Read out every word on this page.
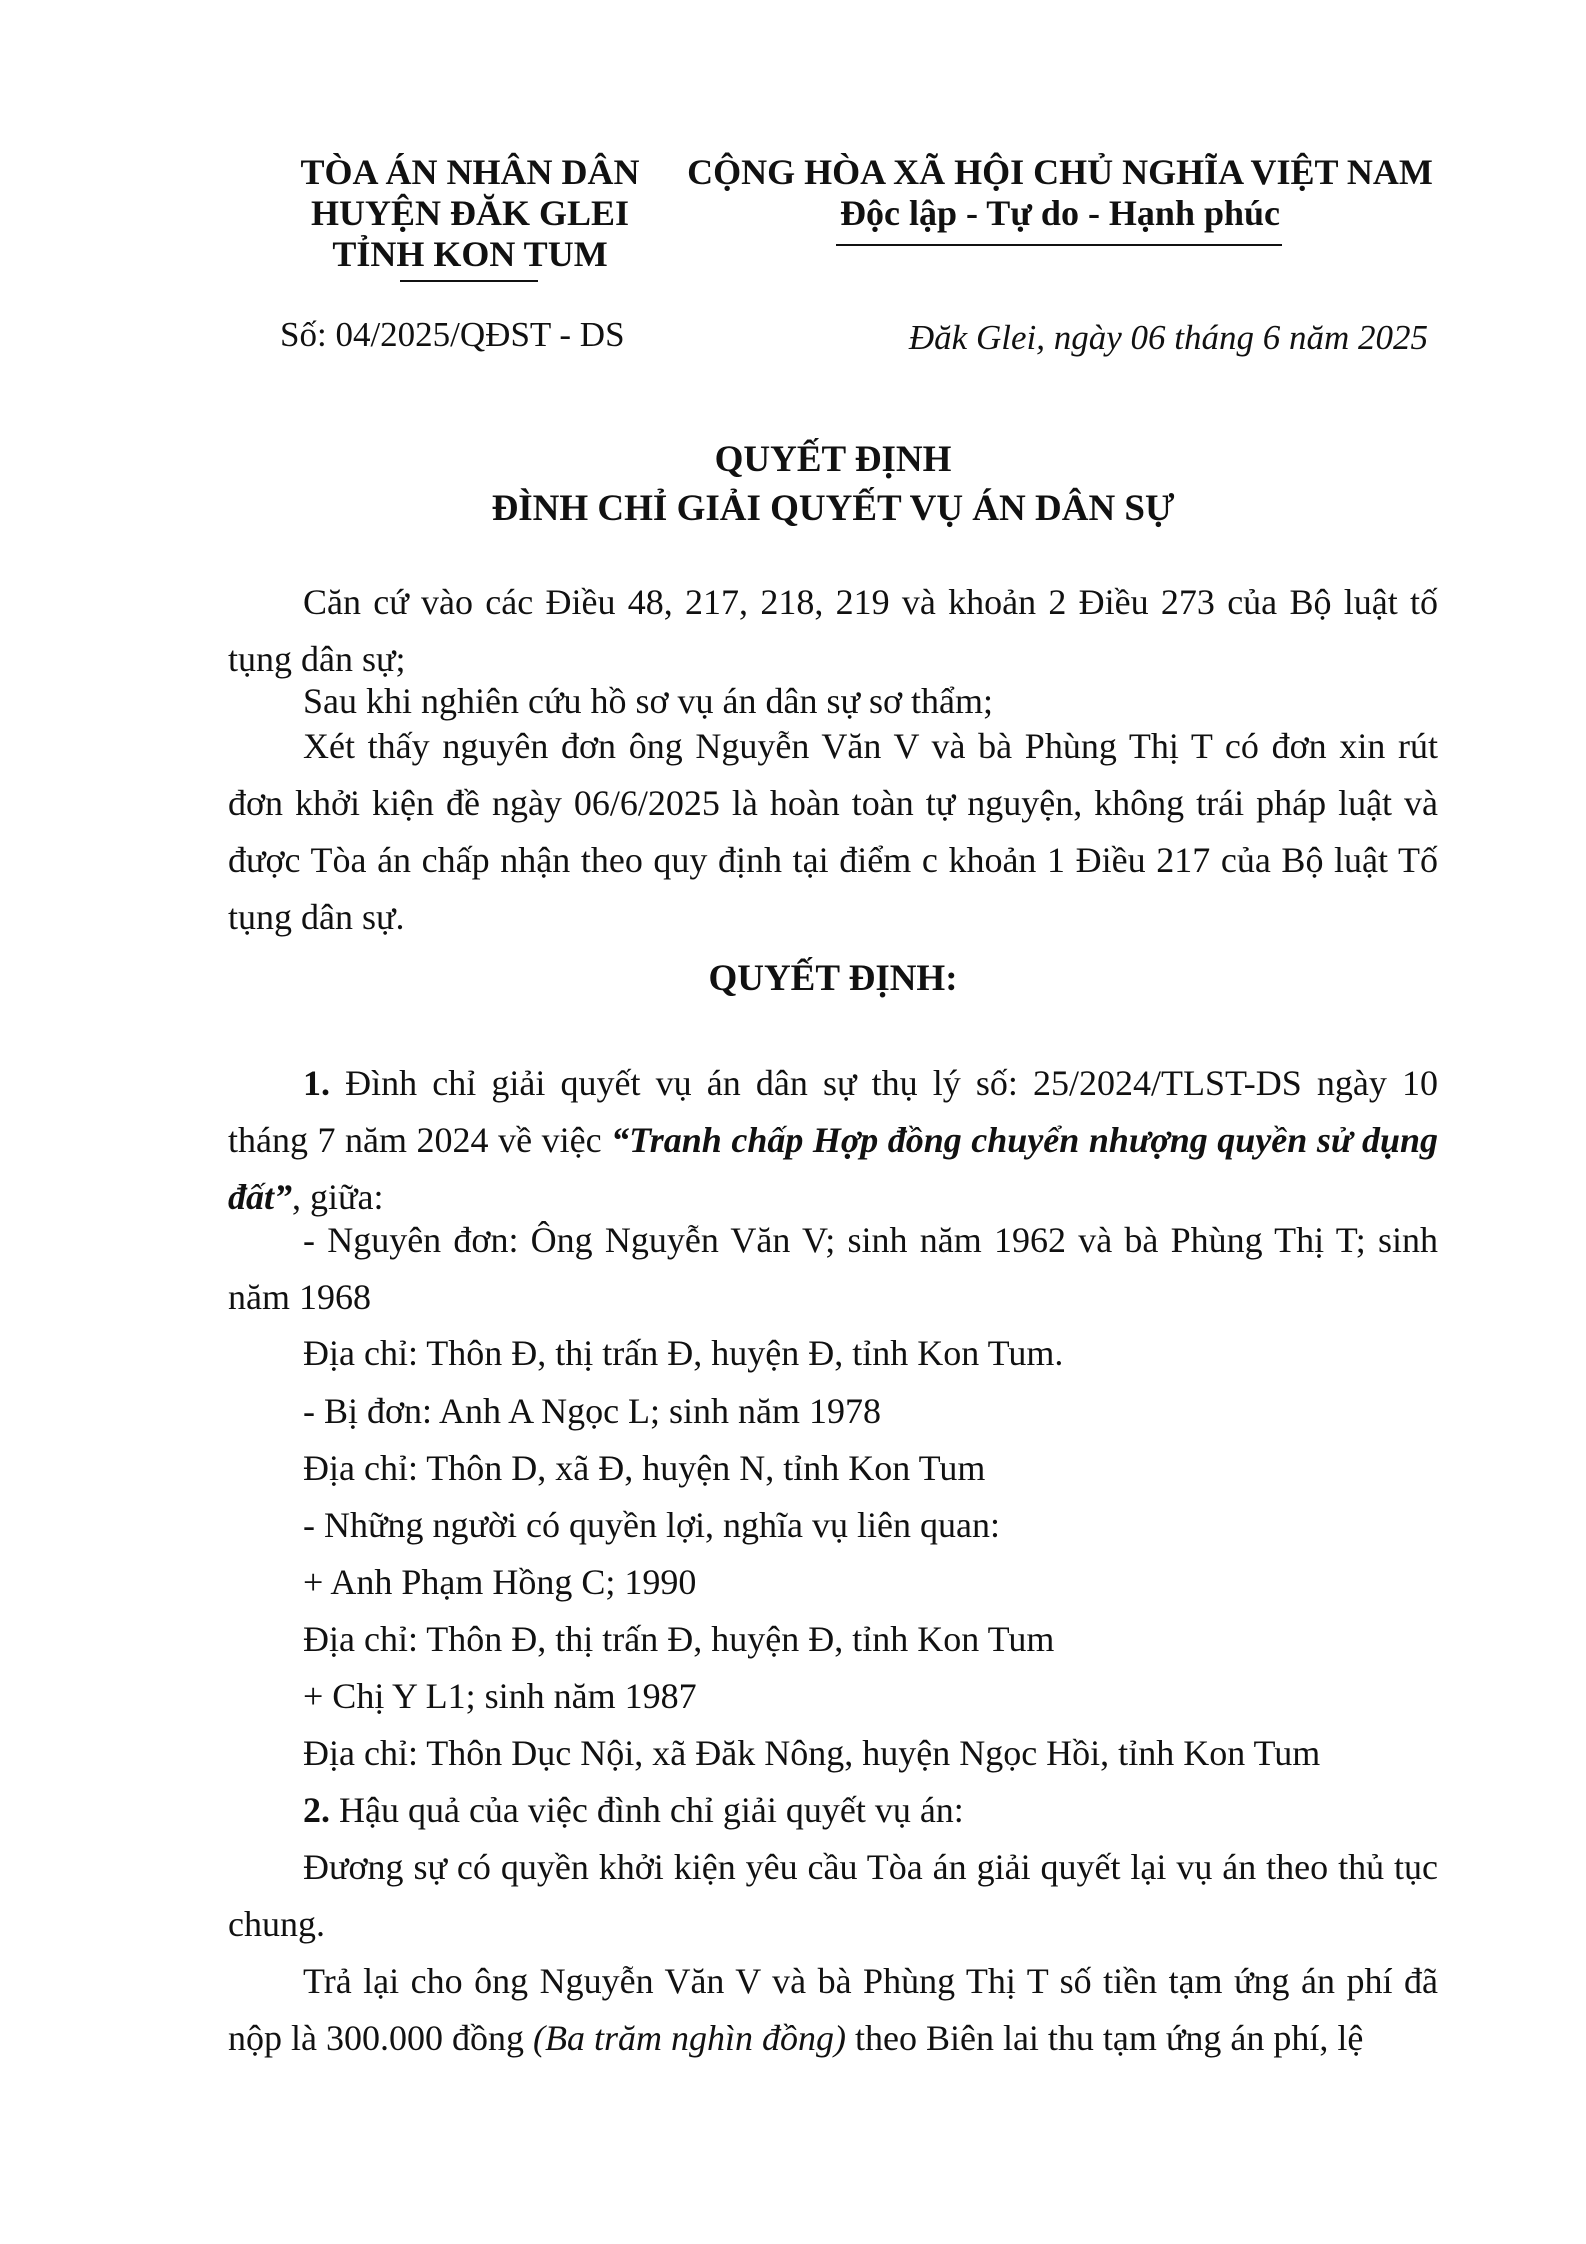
TÒA ÁN NHÂN DÂN
HUYỆN ĐĂK GLEI
TỈNH KON TUM
CỘNG HÒA XÃ HỘI CHỦ NGHĨA VIỆT NAM
Độc lập - Tự do - Hạnh phúc
Số: 04/2025/QĐST - DS	Đăk Glei, ngày 06 tháng 6 năm 2025
QUYẾT ĐỊNH
ĐÌNH CHỈ GIẢI QUYẾT VỤ ÁN DÂN SỰ
Căn cứ vào các Điều 48, 217, 218, 219 và khoản 2 Điều 273 của Bộ luật tố tụng dân sự;
Sau khi nghiên cứu hồ sơ vụ án dân sự sơ thẩm;
Xét thấy nguyên đơn ông Nguyễn Văn V và bà Phùng Thị T có đơn xin rút đơn khởi kiện đề ngày 06/6/2025 là hoàn toàn tự nguyện, không trái pháp luật và được Tòa án chấp nhận theo quy định tại điểm c khoản 1 Điều 217 của Bộ luật Tố tụng dân sự.
QUYẾT ĐỊNH:
1. Đình chỉ giải quyết vụ án dân sự thụ lý số: 25/2024/TLST-DS ngày 10 tháng 7 năm 2024 về việc “Tranh chấp Hợp đồng chuyển nhượng quyền sử dụng đất”, giữa:
- Nguyên đơn: Ông Nguyễn Văn V; sinh năm 1962 và bà Phùng Thị T; sinh năm 1968
Địa chỉ: Thôn Đ, thị trấn Đ, huyện Đ, tỉnh Kon Tum.
- Bị đơn: Anh A Ngọc L; sinh năm 1978
Địa chỉ: Thôn D, xã Đ, huyện N, tỉnh Kon Tum
- Những người có quyền lợi, nghĩa vụ liên quan:
+ Anh Phạm Hồng C; 1990
Địa chỉ: Thôn Đ, thị trấn Đ, huyện Đ, tỉnh Kon Tum
+ Chị Y L1; sinh năm 1987
Địa chỉ: Thôn Dục Nội, xã Đăk Nông, huyện Ngọc Hồi, tỉnh Kon Tum
2. Hậu quả của việc đình chỉ giải quyết vụ án:
Đương sự có quyền khởi kiện yêu cầu Tòa án giải quyết lại vụ án theo thủ tục chung.
Trả lại cho ông Nguyễn Văn V và bà Phùng Thị T số tiền tạm ứng án phí đã nộp là 300.000 đồng (Ba trăm nghìn đồng) theo Biên lai thu tạm ứng án phí, lệ
